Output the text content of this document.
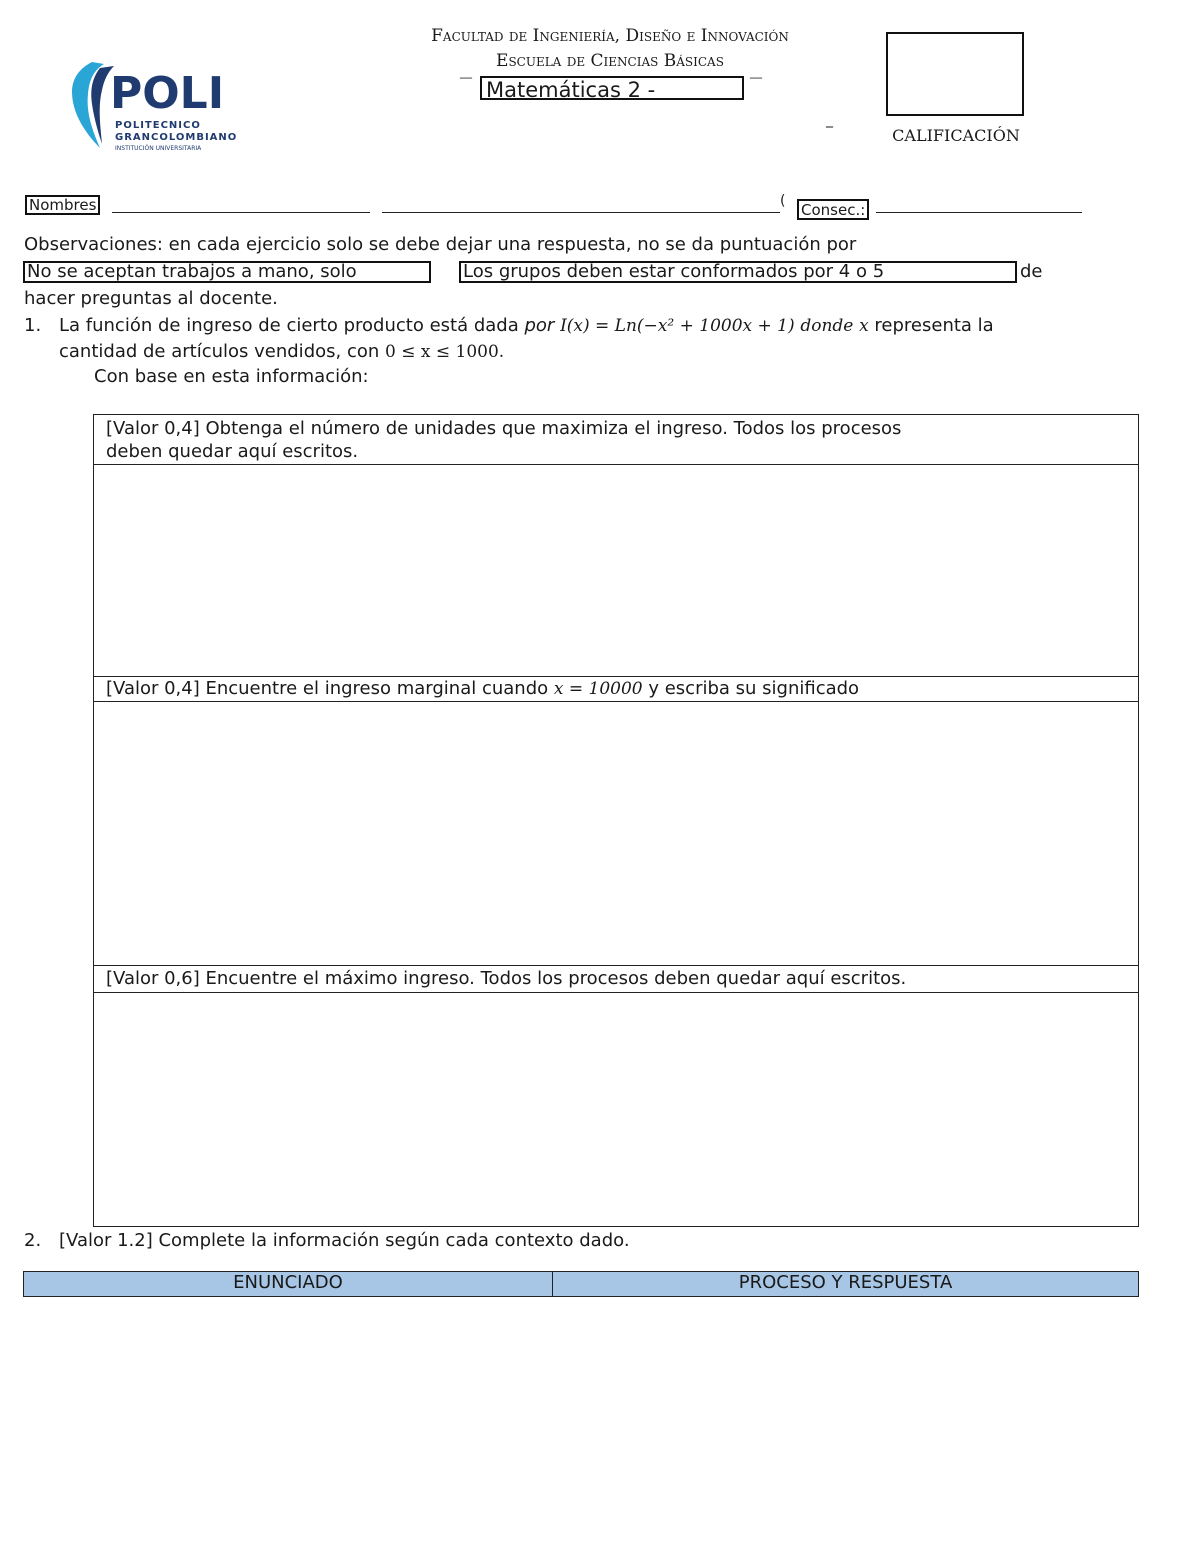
POLI
POLITECNICO
GRANCOLOMBIANO
INSTITUCIÓN UNIVERSITARIA
Facultad de Ingeniería, Diseño e Innovación
Escuela de Ciencias Básicas
‾‾ Matemáticas 2 -	‾‾
_
CALIFICACIÓN
Nombres	( Consec.:
Observaciones: en cada ejercicio solo se debe dejar una respuesta, no se da puntuación por
No se aceptan trabajos a mano, solo	Los grupos deben estar conformados por 4 o 5	de
hacer preguntas al docente.
1. La función de ingreso de cierto producto está dada por I(x) = Ln(−x² + 1000x + 1) donde x representa la
cantidad de artículos vendidos, con 0 ≤ x ≤ 1000.
Con base en esta información:
[Valor 0,4] Obtenga el número de unidades que maximiza el ingreso. Todos los procesos
deben quedar aquí escritos.
[Valor 0,4] Encuentre el ingreso marginal cuando x = 10000 y escriba su significado
[Valor 0,6] Encuentre el máximo ingreso. Todos los procesos deben quedar aquí escritos.
2. [Valor 1.2] Complete la información según cada contexto dado.
ENUNCIADO	PROCESO Y RESPUESTA
